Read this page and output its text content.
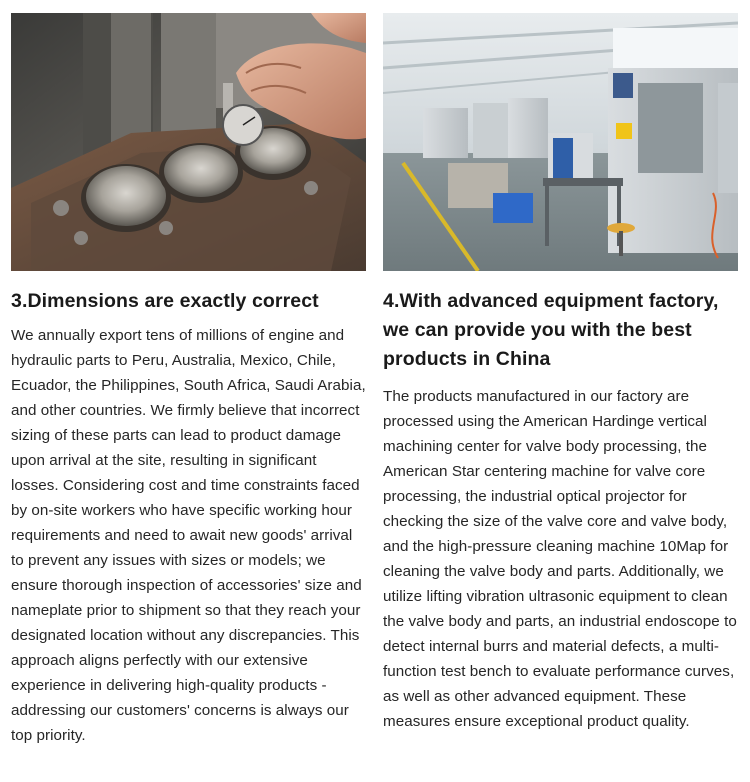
3.Dimensions are exactly correct

We annually export tens of millions of engine and hydraulic parts to Peru, Australia, Mexico, Chile, Ecuador, the Philippines, South Africa, Saudi Arabia, and other countries. We firmly believe that incorrect sizing of these parts can lead to product damage upon arrival at the site, resulting in significant losses. Considering cost and time constraints faced by on-site workers who have specific working hour requirements and need to await new goods' arrival to prevent any issues with sizes or models; we ensure thorough inspection of accessories' size and nameplate prior to shipment so that they reach your designated location without any discrepancies. This approach aligns perfectly with our extensive experience in delivering high-quality products - addressing our customers' concerns is always our top priority.

4.With advanced equipment factory, we can provide you with the best products in China

The products manufactured in our factory are processed using the American Hardinge vertical machining center for valve body processing, the American Star centering machine for valve core processing, the industrial optical projector for checking the size of the valve core and valve body, and the high-pressure cleaning machine 10Map for cleaning the valve body and parts. Additionally, we utilize lifting vibration ultrasonic equipment to clean the valve body and parts, an industrial endoscope to detect internal burrs and material defects, a multi-function test bench to evaluate performance curves, as well as other advanced equipment. These measures ensure exceptional product quality.
